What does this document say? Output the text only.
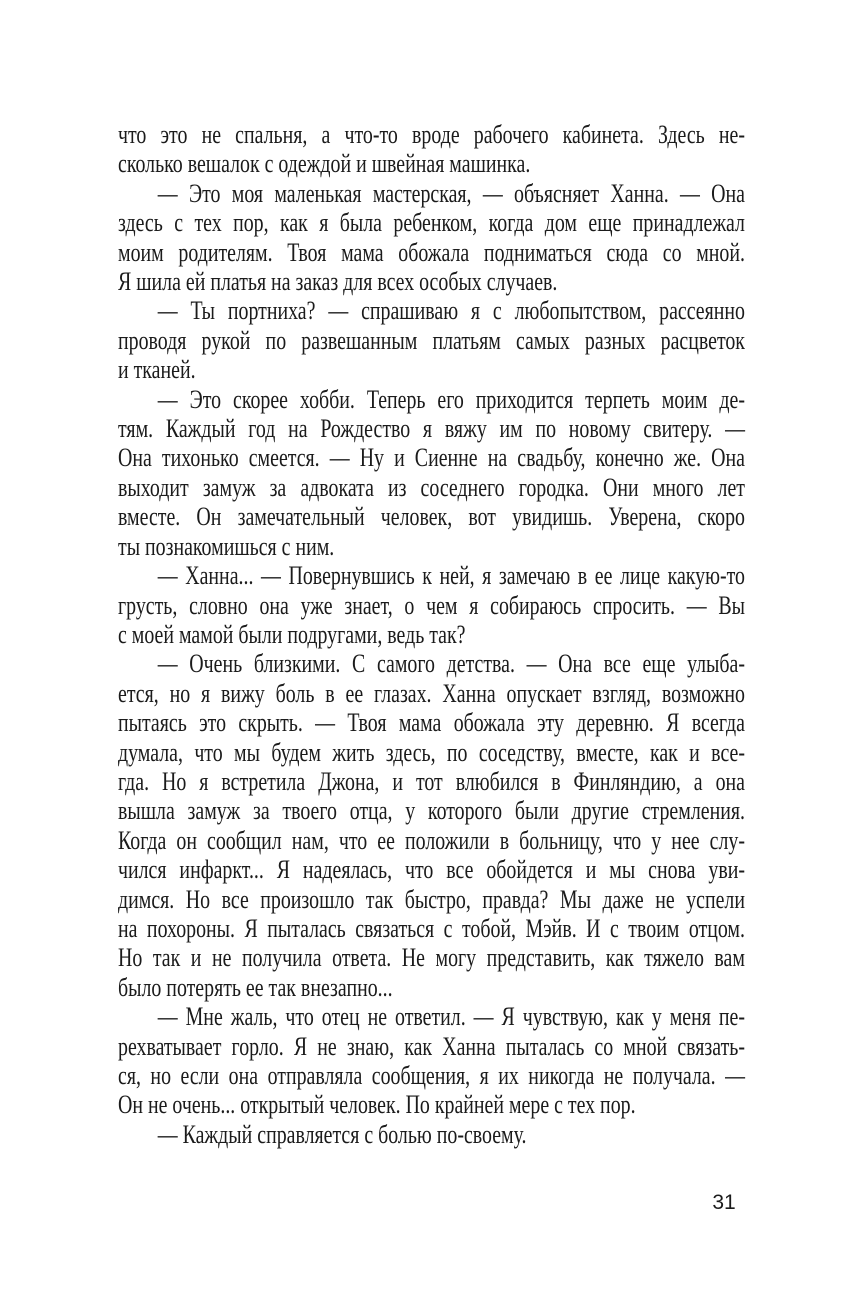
что это не спальня, а что-то вроде рабочего кабинета. Здесь не-
сколько вешалок с одеждой и швейная машинка.
— Это моя маленькая мастерская, — объясняет Ханна. — Она
здесь с тех пор, как я была ребенком, когда дом еще принадлежал
моим родителям. Твоя мама обожала подниматься сюда со мной.
Я шила ей платья на заказ для всех особых случаев.
— Ты портниха? — спрашиваю я с любопытством, рассеянно
проводя рукой по развешанным платьям самых разных расцветок
и тканей.
— Это скорее хобби. Теперь его приходится терпеть моим де-
тям. Каждый год на Рождество я вяжу им по новому свитеру. —
Она тихонько смеется. — Ну и Сиенне на свадьбу, конечно же. Она
выходит замуж за адвоката из соседнего городка. Они много лет
вместе. Он замечательный человек, вот увидишь. Уверена, скоро
ты познакомишься с ним.
— Ханна... — Повернувшись к ней, я замечаю в ее лице какую-то
грусть, словно она уже знает, о чем я собираюсь спросить. — Вы
с моей мамой были подругами, ведь так?
— Очень близкими. С самого детства. — Она все еще улыба-
ется, но я вижу боль в ее глазах. Ханна опускает взгляд, возможно
пытаясь это скрыть. — Твоя мама обожала эту деревню. Я всегда
думала, что мы будем жить здесь, по соседству, вместе, как и все-
гда. Но я встретила Джона, и тот влюбился в Финляндию, а она
вышла замуж за твоего отца, у которого были другие стремления.
Когда он сообщил нам, что ее положили в больницу, что у нее слу-
чился инфаркт... Я надеялась, что все обойдется и мы снова уви-
димся. Но все произошло так быстро, правда? Мы даже не успели
на похороны. Я пыталась связаться с тобой, Мэйв. И с твоим отцом.
Но так и не получила ответа. Не могу представить, как тяжело вам
было потерять ее так внезапно...
— Мне жаль, что отец не ответил. — Я чувствую, как у меня пе-
рехватывает горло. Я не знаю, как Ханна пыталась со мной связать-
ся, но если она отправляла сообщения, я их никогда не получала. —
Он не очень... открытый человек. По крайней мере с тех пор.
— Каждый справляется с болью по-своему.
31
